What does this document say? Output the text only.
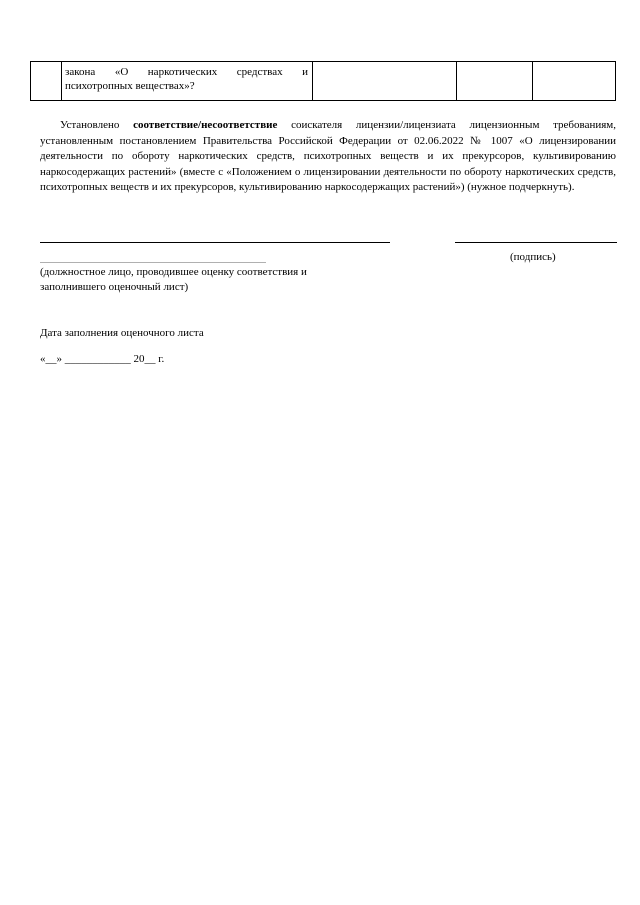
закона «О наркотических средствах и
психотропных веществах»?

Установлено соответствие/несоответствие соискателя лицензии/лицензиата лицензионным требованиям, установленным постановлением Правительства Российской Федерации от 02.06.2022 № 1007 «О лицензировании деятельности по обороту наркотических средств, психотропных веществ и их прекурсоров, культивированию наркосодержащих растений» (вместе с «Положением о лицензировании деятельности по обороту наркотических средств, психотропных веществ и их прекурсоров, культивированию наркосодержащих растений») (нужное подчеркнуть).

(подпись)

(должностное лицо, проводившее оценку соответствия и
заполнившего оценочный лист)

Дата заполнения оценочного листа
«__» ____________ 20__ г.
